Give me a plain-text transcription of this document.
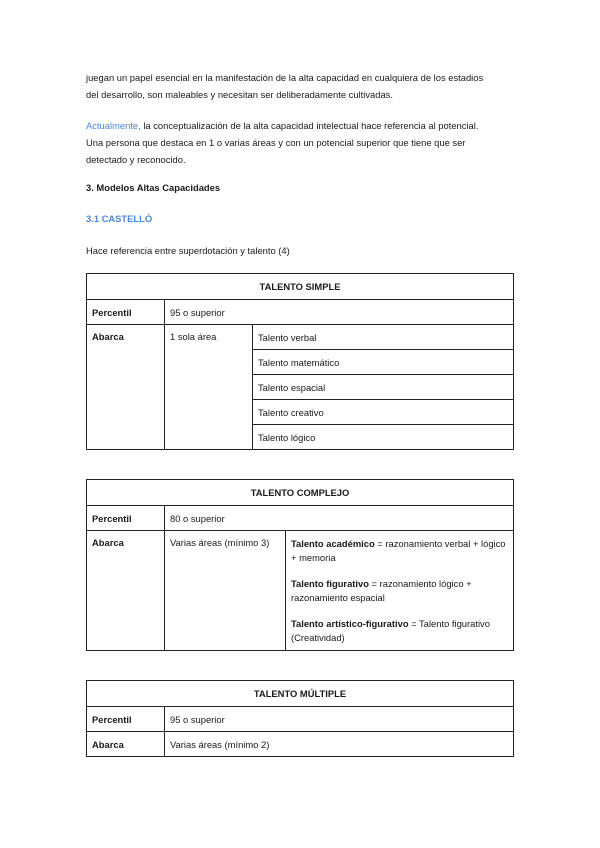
juegan un papel esencial en la manifestación de la alta capacidad en cualquiera de los estadios
del desarrollo, son maleables y necesitan ser deliberadamente cultivadas.

Actualmente, la conceptualización de la alta capacidad intelectual hace referencia al potencial.
Una persona que destaca en 1 o varias áreas y con un potencial superior que tiene que ser
detectado y reconocido.

3. Modelos Altas Capacidades

3.1 CASTELLÓ

Hace referencia entre superdotación y talento (4)

TALENTO SIMPLE		
Percentil	95 o superior	
Abarca	1 sola área	Talento verbal
		Talento matemático
		Talento espacial
		Talento creativo
		Talento lógico
TALENTO COMPLEJO		
Percentil	80 o superior	
Abarca	Varias áreas (mínimo 3)	Talento académico = razonamiento verbal + lógico + memoria
Talento figurativo = razonamiento lógico + razonamiento espacial
Talento artístico-figurativo = Talento figurativo (Creatividad)
TALENTO MÚLTIPLE	
Percentil	95 o superior
Abarca	Varias áreas (mínimo 2)
